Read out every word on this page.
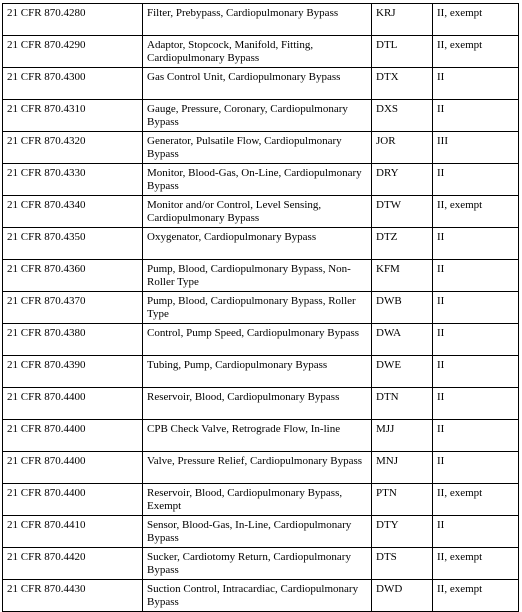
21 CFR 870.4280	Filter, Prebypass, Cardiopulmonary Bypass	KRJ	II, exempt
21 CFR 870.4290	Adaptor, Stopcock, Manifold, Fitting, Cardiopulmonary Bypass	DTL	II, exempt
21 CFR 870.4300	Gas Control Unit, Cardiopulmonary Bypass	DTX	II
21 CFR 870.4310	Gauge, Pressure, Coronary, Cardiopulmonary Bypass	DXS	II
21 CFR 870.4320	Generator, Pulsatile Flow, Cardiopulmonary Bypass	JOR	III
21 CFR 870.4330	Monitor, Blood-Gas, On-Line, Cardiopulmonary Bypass	DRY	II
21 CFR 870.4340	Monitor and/or Control, Level Sensing, Cardiopulmonary Bypass	DTW	II, exempt
21 CFR 870.4350	Oxygenator, Cardiopulmonary Bypass	DTZ	II
21 CFR 870.4360	Pump, Blood, Cardiopulmonary Bypass, Non-Roller Type	KFM	II
21 CFR 870.4370	Pump, Blood, Cardiopulmonary Bypass, Roller Type	DWB	II
21 CFR 870.4380	Control, Pump Speed, Cardiopulmonary Bypass	DWA	II
21 CFR 870.4390	Tubing, Pump, Cardiopulmonary Bypass	DWE	II
21 CFR 870.4400	Reservoir, Blood, Cardiopulmonary Bypass	DTN	II
21 CFR 870.4400	CPB Check Valve, Retrograde Flow, In-line	MJJ	II
21 CFR 870.4400	Valve, Pressure Relief, Cardiopulmonary Bypass	MNJ	II
21 CFR 870.4400	Reservoir, Blood, Cardiopulmonary Bypass, Exempt	PTN	II, exempt
21 CFR 870.4410	Sensor, Blood-Gas, In-Line, Cardiopulmonary Bypass	DTY	II
21 CFR 870.4420	Sucker, Cardiotomy Return, Cardiopulmonary Bypass	DTS	II, exempt
21 CFR 870.4430	Suction Control, Intracardiac, Cardiopulmonary Bypass	DWD	II, exempt
